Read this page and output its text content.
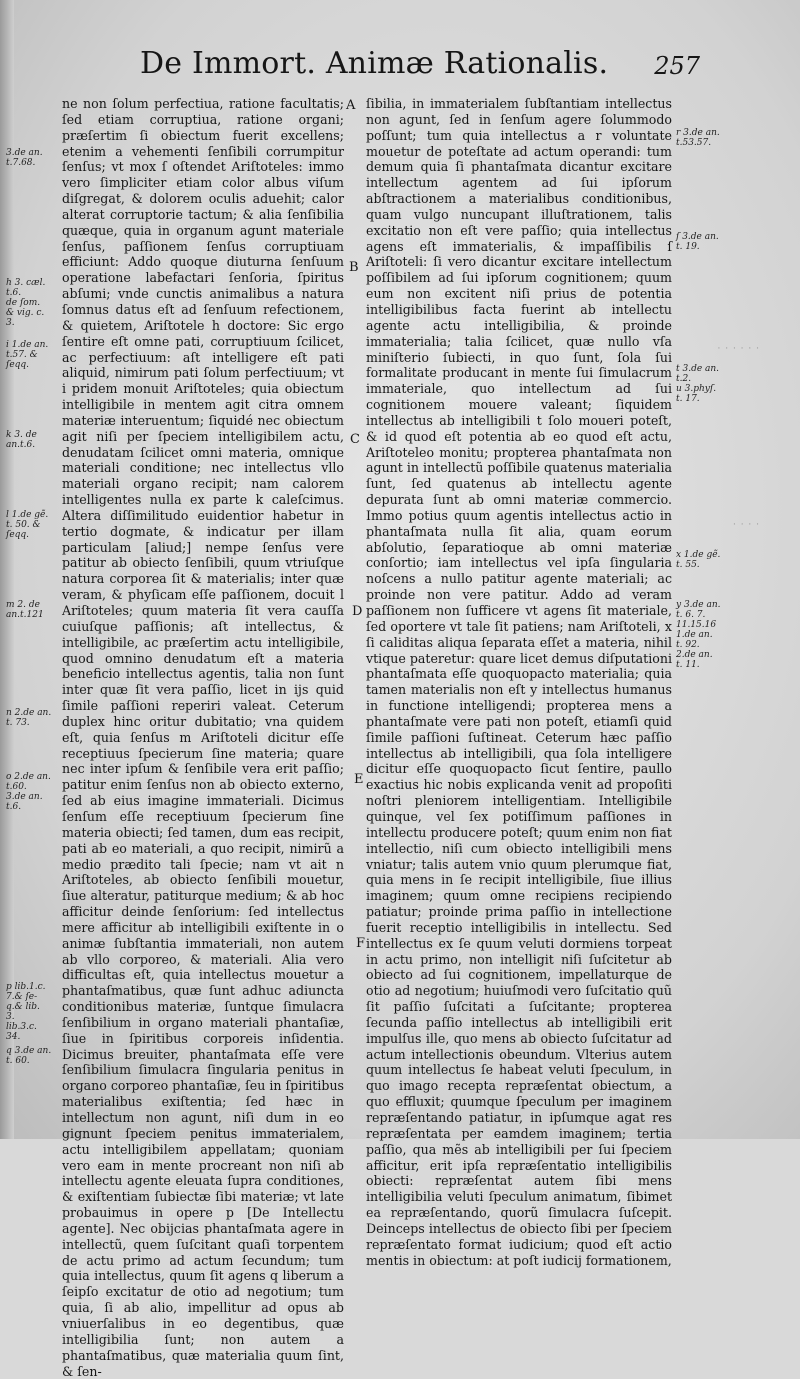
De Immort. Animæ Rationalis. 257

ne non ſolum perfectiua, ratione facultatis; ſed etiam corruptiua, ratione organi; præſertim ſi obiectum fuerit excellens; etenim a vehementi ſenſibili corrumpitur ſenſus; vt mox ſ oſtendet Ariſtoteles: immo vero ſimpliciter etiam color albus viſum diſgregat, & dolorem oculis aduehit; calor alterat corruptorie tactum; & alia ſenſibilia quæque, quia in organum agunt materiale ſenſus, paſſionem ſenſus corruptiuam efficiunt: Addo quoque diuturna ſenſuum operatione labefactari ſenſoria, ſpiritus abſumi; vnde cunctis animalibus a natura ſomnus datus eſt ad ſenſuum refectionem, & quietem, Ariſtotele h doctore: Sic ergo ſentire eſt omne pati, corruptiuum ſcilicet, ac perfectiuum: aſt intelligere eſt pati aliquid, nimirum pati ſolum perfectiuum; vt i pridem monuit Ariſtoteles; quia obiectum intelligibile in mentem agit citra omnem materiæ interuentum; ſiquidé nec obiectum agit niſi per ſpeciem intelligibilem actu, denudatam ſcilicet omni materia, omnique materiali conditione; nec intellectus vllo materiali organo recipit; nam calorem intelligentes nulla ex parte k caleſcimus. Altera diſſimilitudo euidentior habetur in tertio dogmate, & indicatur per illam particulam [aliud;] nempe ſenſus vere patitur ab obiecto ſenſibili, quum vtriuſque natura corporea ſit & materialis; inter quæ veram, & phyſicam eſſe paſſionem, docuit l Ariſtoteles; quum materia ſit vera cauſſa cuiuſque paſſionis; aſt intellectus, & intelligibile, ac præſertim actu intelligibile, quod omnino denudatum eſt a materia beneficio intellectus agentis, talia non ſunt inter quæ ſit vera paſſio, licet in ijs quid ſimile paſſioni reperiri valeat. Ceterum duplex hinc oritur dubitatio; vna quidem eſt, quia ſenſus m Ariſtoteli dicitur eſſe receptiuus ſpecierum ſine materia; quare nec inter ipſum & ſenſibile vera erit paſſio; patitur enim ſenſus non ab obiecto externo, ſed ab eius imagine immateriali. Dicimus ſenſum eſſe receptiuum ſpecierum ſine materia obiecti; ſed tamen, dum eas recipit, pati ab eo materiali, a quo recipit, nimirũ a medio prædito tali ſpecie; nam vt ait n Ariſtoteles, ab obiecto ſenſibili mouetur, ſiue alteratur, patiturque medium; & ab hoc afficitur deinde ſenſorium: ſed intellectus mere afficitur ab intelligibili exiſtente in o animæ ſubſtantia immateriali, non autem ab vllo corporeo, & materiali. Alia vero difficultas eſt, quia intellectus mouetur a phantaſmatibus, quæ ſunt adhuc adiuncta conditionibus materiæ, ſuntque ſimulacra ſenſibilium in organo materiali phantaſiæ, ſiue in ſpiritibus corporeis inſidentia. Dicimus breuiter, phantaſmata eſſe vere ſenſibilium ſimulacra ſingularia penitus in organo corporeo phantaſiæ, ſeu in ſpiritibus materialibus exiſtentia; ſed hæc in intellectum non agunt, niſi dum in eo gignunt ſpeciem penitus immaterialem, actu intelligibilem appellatam; quoniam vero eam in mente procreant non niſi ab intellectu agente eleuata ſupra conditiones, & exiſtentiam ſubiectæ ſibi materiæ; vt late probauimus in opere p [De Intellectu agente]. Nec obijcias phantaſmata agere in intellectũ, quem ſuſcitant quaſi torpentem de actu primo ad actum ſecundum; tum quia intellectus, quum ſit agens q liberum a ſeipſo excitatur de otio ad negotium; tum quia, ſi ab alio, impellitur ad opus ab vniuerſalibus in eo degentibus, quæ intelligibilia ſunt; non autem a phantaſmatibus, quæ materialia quum ſint, & ſen-

ſibilia, in immaterialem ſubſtantiam intellectus non agunt, ſed in ſenſum agere ſolummodo poſſunt; tum quia intellectus a r voluntate mouetur de poteſtate ad actum operandi: tum demum quia ſi phantaſmata dicantur excitare intellectum agentem ad ſui ipſorum abſtractionem a materialibus conditionibus, quam vulgo nuncupant illuſtrationem, talis excitatio non eſt vere paſſio; quia intellectus agens eſt immaterialis, & impaſſibilis ſ Ariſtoteli: ſi vero dicantur excitare intellectum poſſibilem ad ſui ipſorum cognitionem; quum eum non excitent niſi prius de potentia intelligibilibus facta fuerint ab intellectu agente actu intelligibilia, & proinde immaterialia; talia ſcilicet, quæ nullo vſa miniſterio ſubiecti, in quo ſunt, ſola ſui formalitate producant in mente ſui ſimulacrum immateriale, quo intellectum ad ſui cognitionem mouere valeant; ſiquidem intellectus ab intelligibili t ſolo moueri poteſt, & id quod eſt potentia ab eo quod eſt actu, Ariſtoteleo monitu; propterea phantaſmata non agunt in intellectũ poſſibile quatenus materialia ſunt, ſed quatenus ab intellectu agente depurata ſunt ab omni materiæ commercio. Immo potius quum agentis intellectus actio in phantaſmata nulla ſit alia, quam eorum abſolutio, ſeparatioque ab omni materiæ conſortio; iam intellectus vel ipſa ſingularia noſcens a nullo patitur agente materiali; ac proinde non vere patitur. Addo ad veram paſſionem non ſufficere vt agens ſit materiale, ſed oportere vt tale ſit patiens; nam Ariſtoteli, x ſi caliditas aliqua ſeparata eſſet a materia, nihil vtique pateretur: quare licet demus diſputationi phantaſmata eſſe quoquopacto materialia; quia tamen materialis non eſt y intellectus humanus in functione intelligendi; propterea mens a phantaſmate vere pati non poteſt, etiamſi quid ſimile paſſioni ſuſtineat. Ceterum hæc paſſio intellectus ab intelligibili, qua ſola intelligere dicitur eſſe quoquopacto ſicut ſentire, paullo exactius hic nobis explicanda venit ad propoſiti noſtri pleniorem intelligentiam. Intelligibile quinque, vel ſex potiſſimum paſſiones in intellectu producere poteſt; quum enim non fiat intellectio, niſi cum obiecto intelligibili mens vniatur; talis autem vnio quum plerumque fiat, quia mens in ſe recipit intelligibile, ſiue illius imaginem; quum omne recipiens recipiendo patiatur; proinde prima paſſio in intellectione fuerit receptio intelligibilis in intellectu. Sed intellectus ex ſe quum veluti dormiens torpeat in actu primo, non intelligit niſi ſuſcitetur ab obiecto ad ſui cognitionem, impellaturque de otio ad negotium; huiuſmodi vero ſuſcitatio quũ ſit paſſio ſuſcitati a ſuſcitante; propterea ſecunda paſſio intellectus ab intelligibili erit impulſus ille, quo mens ab obiecto ſuſcitatur ad actum intellectionis obeundum. Vlterius autem quum intellectus ſe habeat veluti ſpeculum, in quo imago recepta repræſentat obiectum, a quo effluxit; quumque ſpeculum per imaginem repræſentando patiatur, in ipſumque agat res repræſentata per eamdem imaginem; tertia paſſio, qua mẽs ab intelligibili per ſui ſpeciem afficitur, erit ipſa repræſentatio intelligibilis obiecti: repræſentat autem ſibi mens intelligibilia veluti ſpeculum animatum, ſibimet ea repræſentando, quorũ ſimulacra ſuſcepit. Deinceps intellectus de obiecto ſibi per ſpeciem repræſentato format iudicium; quod eſt actio mentis in obiectum: at poſt iudicij formationem,

A
B
C
D
E
F
3.de an.
t.7.68.
h 3. cæl.
t.6.
de ſom.
& vig. c.
3.
i 1.de an.
t.57. &
ſeqq.
k 3. de
an.t.6.
l 1.de gẽ.
t. 50. &
ſeqq.
m 2. de
an.t.121
n 2.de an.
t. 73.
o 2.de an.
t.60.
3.de an.
t.6.
p lib.1.c.
7.& ſe-
q.& lib.
3.
lib.3.c.
34.
q 3.de an.
t. 60.
r 3.de an.
t.53.57.
ſ 3.de an.
t. 19.
t 3.de an.
t.2.
u 3.phyſ.
t. 17.
x 1.de gẽ.
t. 55.
y 3.de an.
t. 6. 7.
11.15.16
1.de an.
t. 92.
2.de an.
t. 11.
· · · · · ·
· · · ·
